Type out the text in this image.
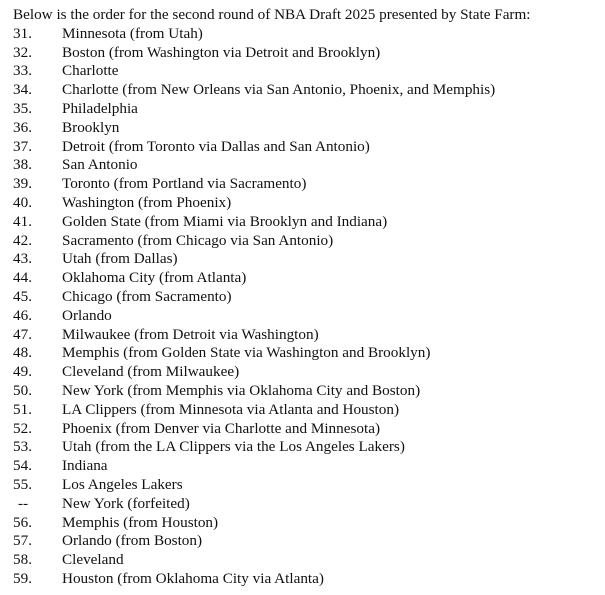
Below is the order for the second round of NBA Draft 2025 presented by State Farm:
31.	Minnesota (from Utah)
32.	Boston (from Washington via Detroit and Brooklyn)
33.	Charlotte
34.	Charlotte (from New Orleans via San Antonio, Phoenix, and Memphis)
35.	Philadelphia
36.	Brooklyn
37.	Detroit (from Toronto via Dallas and San Antonio)
38.	San Antonio
39.	Toronto (from Portland via Sacramento)
40.	Washington (from Phoenix)
41.	Golden State (from Miami via Brooklyn and Indiana)
42.	Sacramento (from Chicago via San Antonio)
43.	Utah (from Dallas)
44.	Oklahoma City (from Atlanta)
45.	Chicago (from Sacramento)
46.	Orlando
47.	Milwaukee (from Detroit via Washington)
48.	Memphis (from Golden State via Washington and Brooklyn)
49.	Cleveland (from Milwaukee)
50.	New York (from Memphis via Oklahoma City and Boston)
51.	LA Clippers (from Minnesota via Atlanta and Houston)
52.	Phoenix (from Denver via Charlotte and Minnesota)
53.	Utah (from the LA Clippers via the Los Angeles Lakers)
54.	Indiana
55.	Los Angeles Lakers
--	New York (forfeited)
56.	Memphis (from Houston)
57.	Orlando (from Boston)
58.	Cleveland
59.	Houston (from Oklahoma City via Atlanta)
